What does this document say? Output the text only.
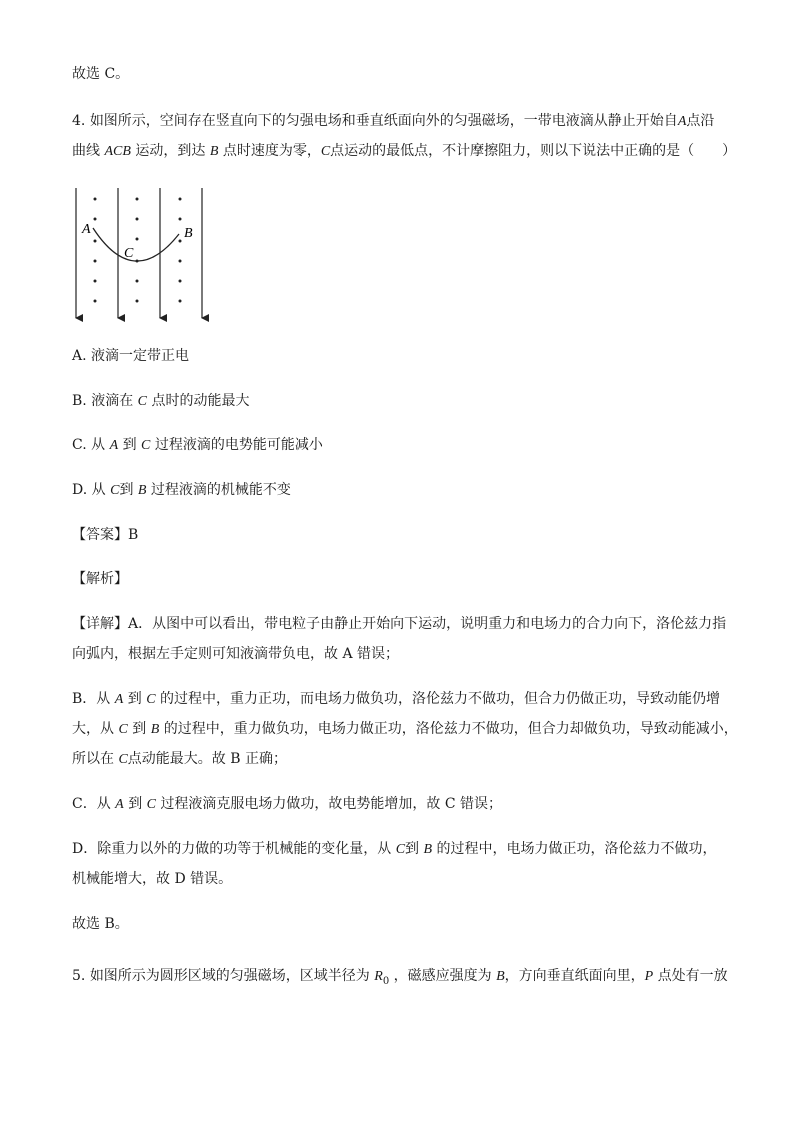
故选 C。
4. 如图所示，空间存在竖直向下的匀强电场和垂直纸面向外的匀强磁场，一带电液滴从静止开始自A点沿
曲线 ACB 运动，到达 B 点时速度为零，C点运动的最低点，不计摩擦阻力，则以下说法中正确的是（　　）
A
C
B
A. 液滴一定带正电
B. 液滴在 C 点时的动能最大
C. 从 A 到 C 过程液滴的电势能可能减小
D. 从 C到 B 过程液滴的机械能不变
【答案】B
【解析】
【详解】A．从图中可以看出，带电粒子由静止开始向下运动，说明重力和电场力的合力向下，洛伦兹力指
向弧内，根据左手定则可知液滴带负电，故 A 错误；
B．从 A 到 C 的过程中，重力正功，而电场力做负功，洛伦兹力不做功，但合力仍做正功，导致动能仍增
大，从 C 到 B 的过程中，重力做负功，电场力做正功，洛伦兹力不做功，但合力却做负功，导致动能减小，
所以在 C点动能最大。故 B 正确；
C．从 A 到 C 过程液滴克服电场力做功，故电势能增加，故 C 错误；
D．除重力以外的力做的功等于机械能的变化量，从 C到 B 的过程中，电场力做正功，洛伦兹力不做功，
机械能增大，故 D 错误。
故选 B。
5. 如图所示为圆形区域的匀强磁场，区域半径为 $R_0$ ，磁感应强度为 B，方向垂直纸面向里，P 点处有一放
